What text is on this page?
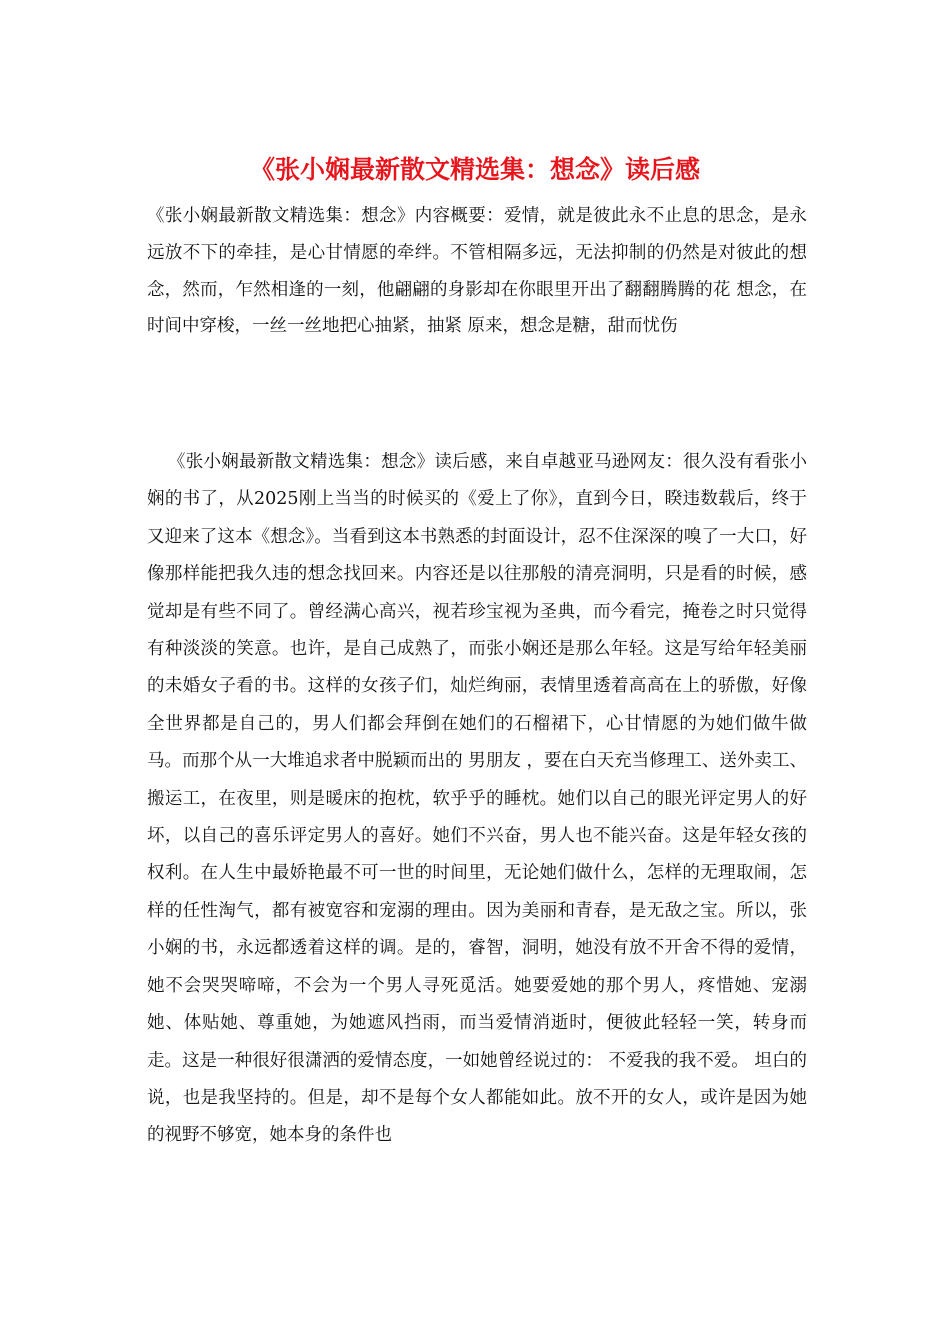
《张小娴最新散文精选集：想念》读后感

《张小娴最新散文精选集：想念》内容概要：爱情，就是彼此永不止息的思念，是永远放不下的牵挂，是心甘情愿的牵绊。不管相隔多远，无法抑制的仍然是对彼此的想念，然而，乍然相逢的一刻，他翩翩的身影却在你眼里开出了翻翻腾腾的花 想念，在时间中穿梭，一丝一丝地把心抽紧，抽紧 原来，想念是糖，甜而忧伤

《张小娴最新散文精选集：想念》读后感，来自卓越亚马逊网友：很久没有看张小娴的书了，从2025刚上当当的时候买的《爱上了你》，直到今日，睽违数载后，终于又迎来了这本《想念》。当看到这本书熟悉的封面设计，忍不住深深的嗅了一大口，好像那样能把我久违的想念找回来。内容还是以往那般的清亮洞明，只是看的时候，感觉却是有些不同了。曾经满心高兴，视若珍宝视为圣典，而今看完，掩卷之时只觉得有种淡淡的笑意。也许，是自己成熟了，而张小娴还是那么年轻。这是写给年轻美丽的未婚女子看的书。这样的女孩子们，灿烂绚丽，表情里透着高高在上的骄傲，好像全世界都是自己的，男人们都会拜倒在她们的石榴裙下，心甘情愿的为她们做牛做马。而那个从一大堆追求者中脱颖而出的 男朋友 ，要在白天充当修理工、送外卖工、搬运工，在夜里，则是暖床的抱枕，软乎乎的睡枕。她们以自己的眼光评定男人的好坏，以自己的喜乐评定男人的喜好。她们不兴奋，男人也不能兴奋。这是年轻女孩的权利。在人生中最娇艳最不可一世的时间里，无论她们做什么，怎样的无理取闹，怎样的任性淘气，都有被宽容和宠溺的理由。因为美丽和青春，是无敌之宝。所以，张小娴的书，永远都透着这样的调。是的，睿智，洞明，她没有放不开舍不得的爱情，她不会哭哭啼啼，不会为一个男人寻死觅活。她要爱她的那个男人，疼惜她、宠溺她、体贴她、尊重她，为她遮风挡雨，而当爱情消逝时，便彼此轻轻一笑，转身而走。这是一种很好很潇洒的爱情态度，一如她曾经说过的： 不爱我的我不爱。 坦白的说，也是我坚持的。但是，却不是每个女人都能如此。放不开的女人，或许是因为她的视野不够宽，她本身的条件也
